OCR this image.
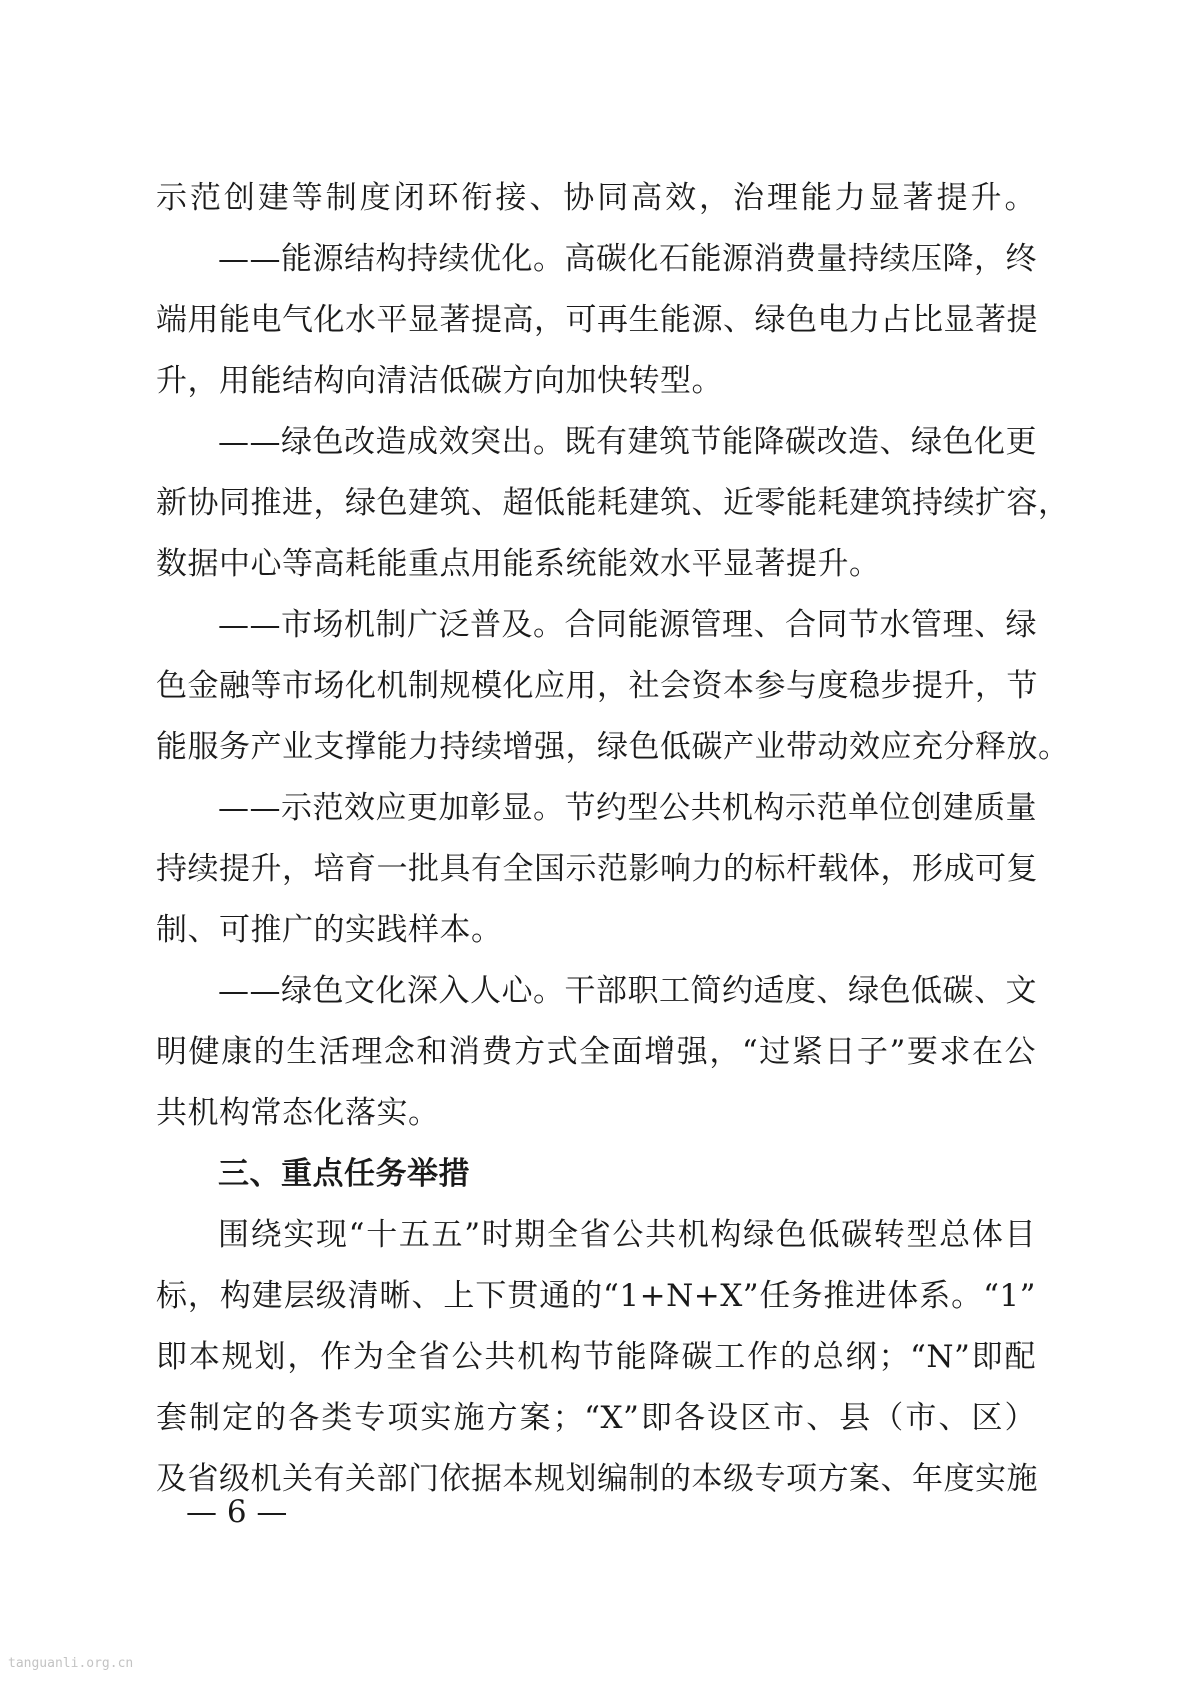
示范创建等制度闭环衔接、协同高效，治理能力显著提升。
——能源结构持续优化。高碳化石能源消费量持续压降，终
端用能电气化水平显著提高，可再生能源、绿色电力占比显著提
升，用能结构向清洁低碳方向加快转型。
——绿色改造成效突出。既有建筑节能降碳改造、绿色化更
新协同推进，绿色建筑、超低能耗建筑、近零能耗建筑持续扩容，
数据中心等高耗能重点用能系统能效水平显著提升。
——市场机制广泛普及。合同能源管理、合同节水管理、绿
色金融等市场化机制规模化应用，社会资本参与度稳步提升，节
能服务产业支撑能力持续增强，绿色低碳产业带动效应充分释放。
——示范效应更加彰显。节约型公共机构示范单位创建质量
持续提升，培育一批具有全国示范影响力的标杆载体，形成可复
制、可推广的实践样本。
——绿色文化深入人心。干部职工简约适度、绿色低碳、文
明健康的生活理念和消费方式全面增强，“过紧日子”要求在公
共机构常态化落实。
三、重点任务举措
围绕实现“十五五”时期全省公共机构绿色低碳转型总体目
标，构建层级清晰、上下贯通的“1+N+X”任务推进体系。“1”
即本规划，作为全省公共机构节能降碳工作的总纲；“N”即配
套制定的各类专项实施方案；“X”即各设区市、县（市、区）
及省级机关有关部门依据本规划编制的本级专项方案、年度实施
— 6 —
tanguanli.org.cn
